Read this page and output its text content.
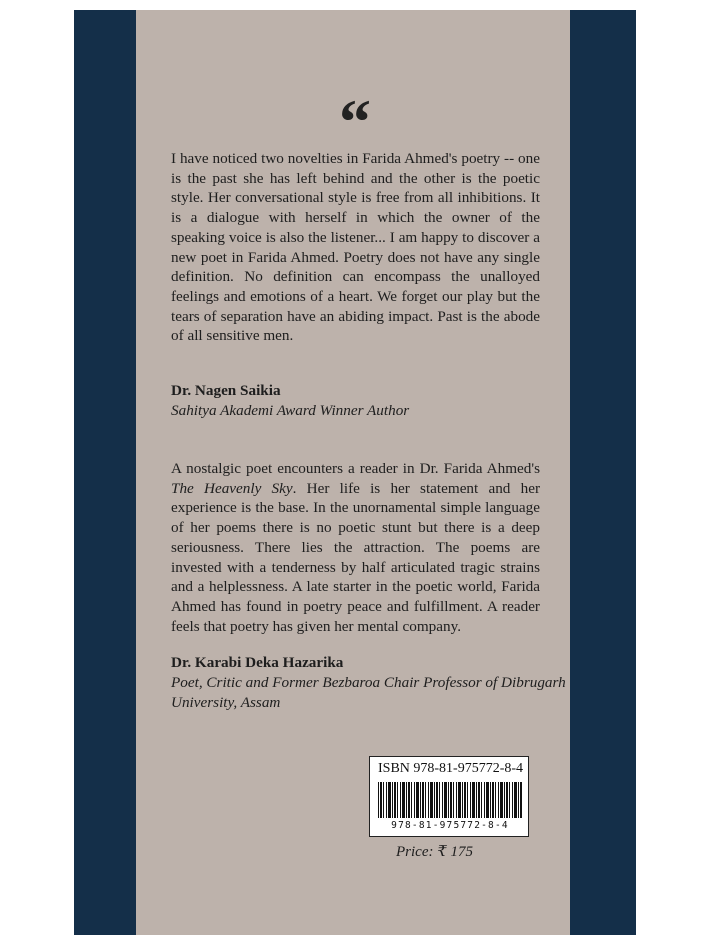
“

I have noticed two novelties in Farida Ahmed's poetry -- one is the past she has left behind and the other is the poetic style. Her conversational style is free from all inhibitions. It is a dialogue with herself in which the owner of the speaking voice is also the listener... I am happy to discover a new poet in Farida Ahmed. Poetry does not have any single definition. No definition can encompass the unalloyed feelings and emotions of a heart. We forget our play but the tears of separation have an abiding impact. Past is the abode of all sensitive men.

Dr. Nagen Saikia
Sahitya Akademi Award Winner Author

A nostalgic poet encounters a reader in Dr. Farida Ahmed's The Heavenly Sky. Her life is her statement and her experience is the base. In the unornamental simple language of her poems there is no poetic stunt but there is a deep seriousness. There lies the attraction. The poems are invested with a tenderness by half articulated tragic strains and a helplessness. A late starter in the poetic world, Farida Ahmed has found in poetry peace and fulfillment. A reader feels that poetry has given her mental company.

Dr. Karabi Deka Hazarika
Poet, Critic and Former Bezbaroa Chair Professor of Dibrugarh University, Assam
ISBN 978-81-975772-8-4
978-81-975772-8-4
Price: ₹ 175
